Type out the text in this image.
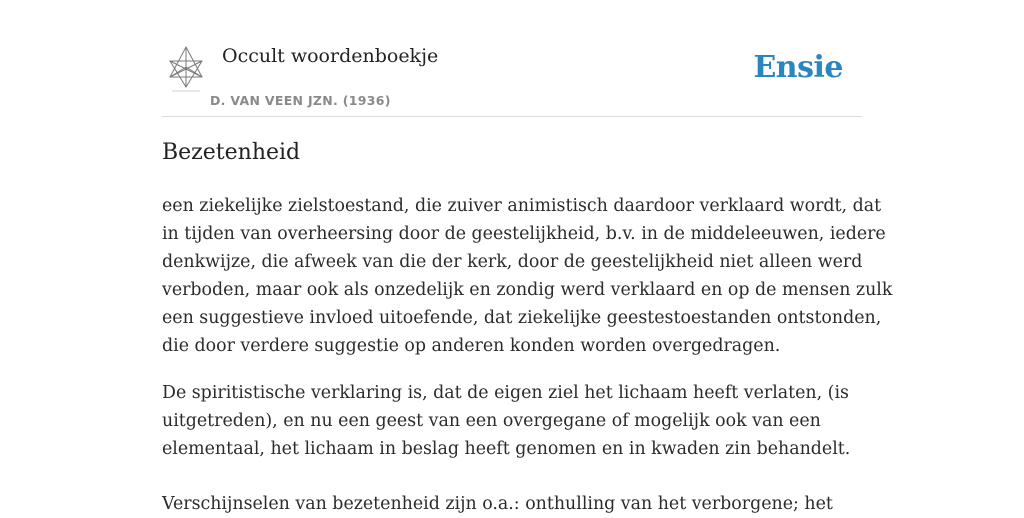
Occult woordenboekje
D. VAN VEEN JZN. (1936)
Ensie
Bezetenheid

een ziekelijke zielstoestand, die zuiver animistisch daardoor verklaard wordt, dat
in tijden van overheersing door de geestelijkheid, b.v. in de middeleeuwen, iedere
denkwijze, die afweek van die der kerk, door de geestelijkheid niet alleen werd
verboden, maar ook als onzedelijk en zondig werd verklaard en op de mensen zulk
een suggestieve invloed uitoefende, dat ziekelijke geestestoestanden ontstonden,
die door verdere suggestie op anderen konden worden overgedragen.

De spiritistische verklaring is, dat de eigen ziel het lichaam heeft verlaten, (is
uitgetreden), en nu een geest van een overgegane of mogelijk ook van een
elementaal, het lichaam in beslag heeft genomen en in kwaden zin behandelt.

Verschijnselen van bezetenheid zijn o.a.: onthulling van het verborgene; het
